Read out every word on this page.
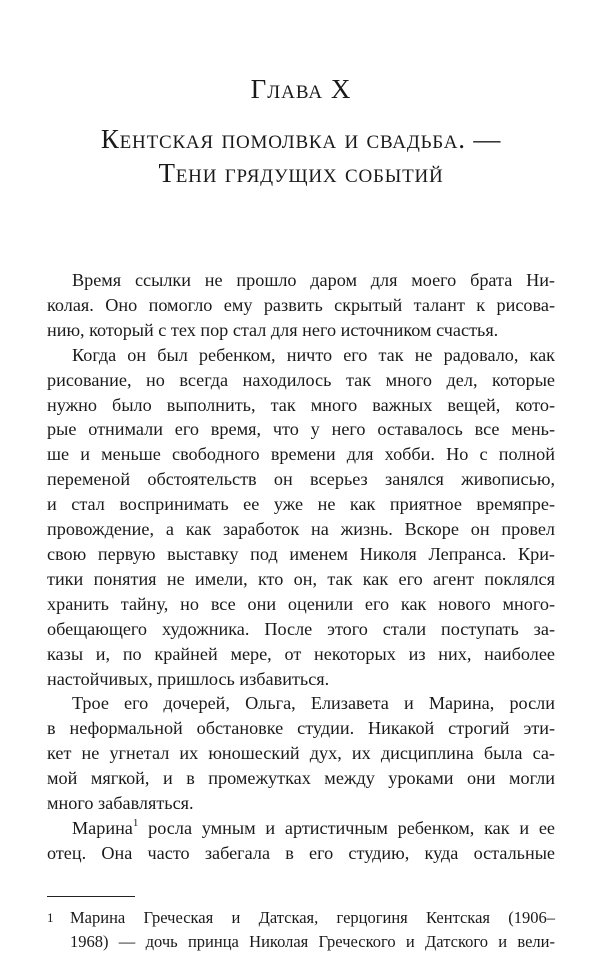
Глава X
Кентская помолвка и свадьба. —
Тени грядущих событий
Время ссылки не прошло даром для моего брата Ни-
колая. Оно помогло ему развить скрытый талант к рисова-
нию, который с тех пор стал для него источником счастья.
Когда он был ребенком, ничто его так не радовало, как
рисование, но всегда находилось так много дел, которые
нужно было выполнить, так много важных вещей, кото-
рые отнимали его время, что у него оставалось все мень-
ше и меньше свободного времени для хобби. Но с полной
переменой обстоятельств он всерьез занялся живописью,
и стал воспринимать ее уже не как приятное времяпре-
провождение, а как заработок на жизнь. Вскоре он провел
свою первую выставку под именем Николя Лепранса. Кри-
тики понятия не имели, кто он, так как его агент поклялся
хранить тайну, но все они оценили его как нового много-
обещающего художника. После этого стали поступать за-
казы и, по крайней мере, от некоторых из них, наиболее
настойчивых, пришлось избавиться.
Трое его дочерей, Ольга, Елизавета и Марина, росли
в неформальной обстановке студии. Никакой строгий эти-
кет не угнетал их юношеский дух, их дисциплина была са-
мой мягкой, и в промежутках между уроками они могли
много забавляться.
Марина1 росла умным и артистичным ребенком, как и ее
отец. Она часто забегала в его студию, куда остальные
1	Марина Греческая и Датская, герцогиня Кентская (1906–
1968) — дочь принца Николая Греческого и Датского и вели-
